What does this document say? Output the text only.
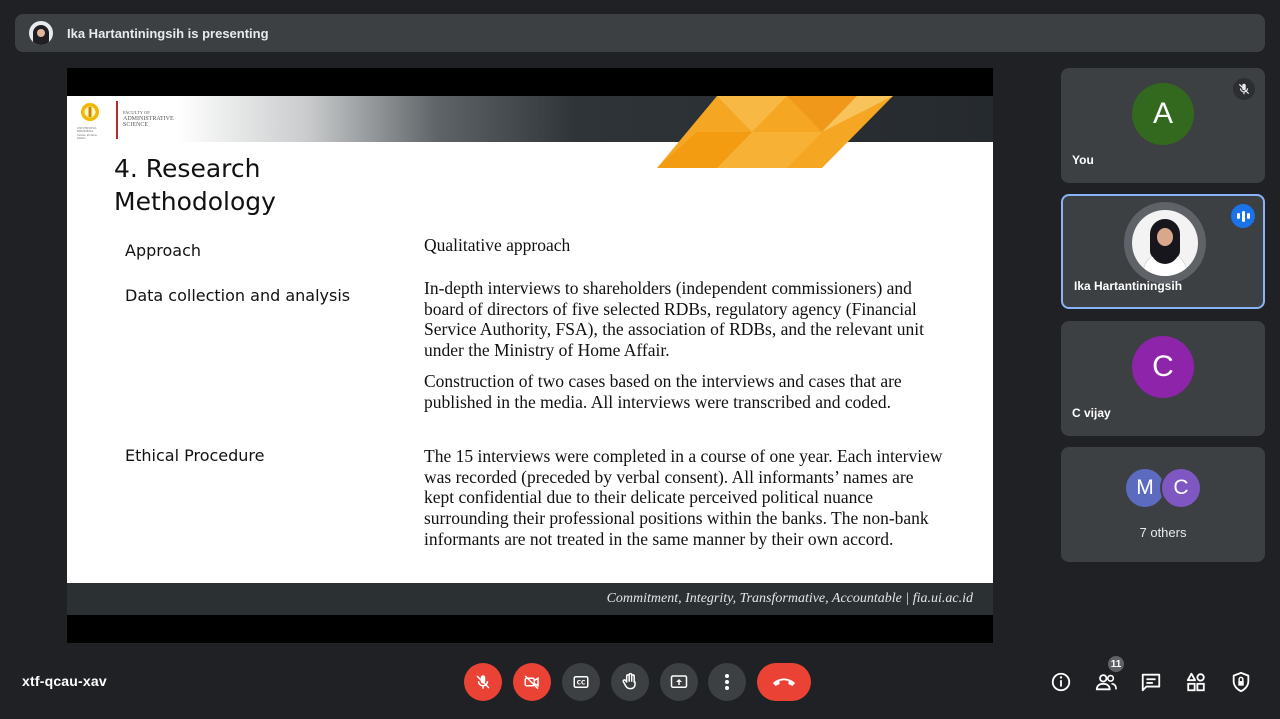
Ika Hartantiningsih is presenting
UNIVERSITAS INDONESIA
Veritas, Probitas, Iustitia
FACULTY OF
ADMINISTRATIVE
SCIENCE
4. Research
Methodology
Approach	Qualitative approach
Data collection and analysis	In-depth interviews to shareholders (independent commissioners) and board of directors of five selected RDBs, regulatory agency (Financial Service Authority, FSA), the association of RDBs, and the relevant unit under the Ministry of Home Affair.
Construction of two cases based on the interviews and cases that are published in the media. All interviews were transcribed and coded.
Ethical Procedure	The 15 interviews were completed in a course of one year. Each interview was recorded (preceded by verbal consent). All informants’ names are kept confidential due to their delicate perceived political nuance surrounding their professional positions within the banks. The non-bank informants are not treated in the same manner by their own accord.
Commitment, Integrity, Transformative, Accountable | fia.ui.ac.id
A
You
Ika Hartantiningsih
C
C vijay
M C
7 others
xtf-qcau-xav	CC
11
